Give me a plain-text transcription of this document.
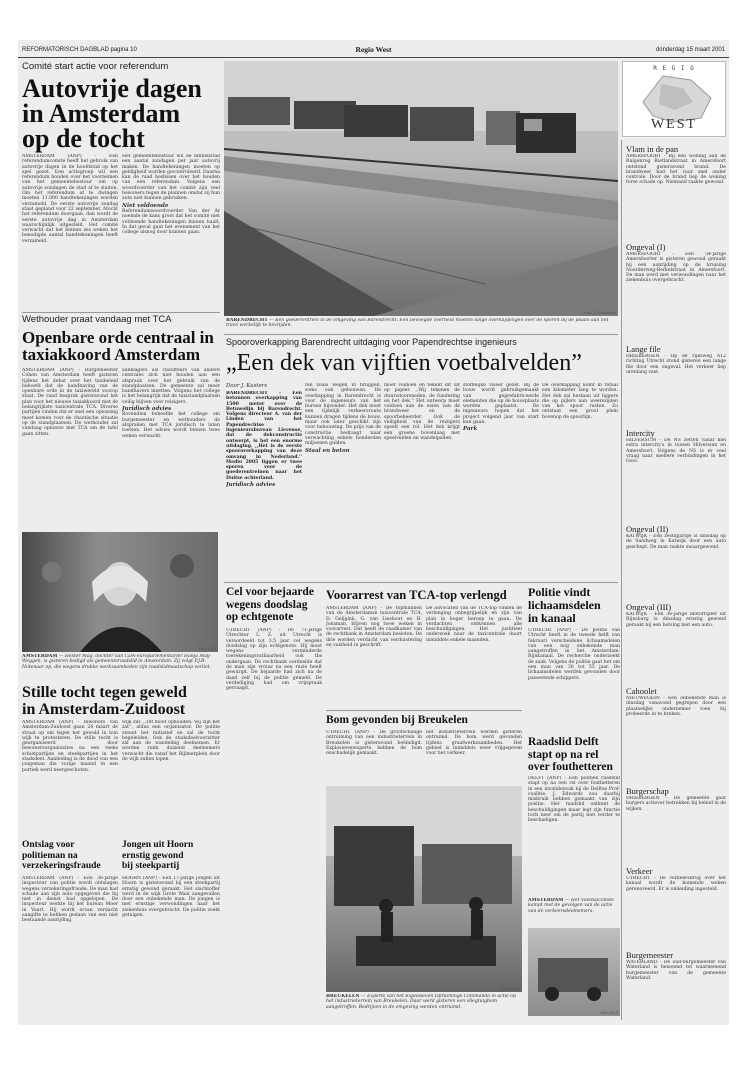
REFORMATORISCH DAGBLAD pagina 10	Regio West	donderdag 15 maart 2001
Comité start actie voor referendum
Autovrije dagen
in Amsterdam
op de tocht
AMSTERDAM (ANP) - Een referendumcomité heeft het gebruik van autovrije dagen in de hoofdstad op het spel gezet. Een actiegroep wil een referendum houden over het voornemen van het gemeentebestuur om op autovrije zondagen de stad af te sluiten. Om het referendum af te dwingen moeten 11.000 handtekeningen worden verzameld. De eerste autovrije zondag staat gepland voor 22 september. Mocht het referendum doorgaan, dan wordt de eerste autovrije dag in Amsterdam waarschijnlijk uitgesteld. Het comité verwacht dat het binnen zes weken het benodigde aantal handtekeningen heeft verzameld.
Het gemeentebestuur wil de binnenstad een aantal zondagen per jaar autovrij maken. De handtekeningen moeten op geldigheid worden gecontroleerd. Daarna kan de raad beslissen over het houden van een referendum. Volgens een woordvoerder van het comité zijn veel bewoners tegen de plannen omdat zij hun auto niet kunnen gebruiken.
Niet voldoende
Referendumwoordvoerder Van der Ar noemde de kans groot dat het comité niet voldoende handtekeningen binnen haalt. In dat geval gaat het evenement van het college alsnog door kunnen gaan.
Foto: J. Fokkeman
BARENDRECHT — Een goederentrein in de omgeving van Barendrecht. Een bevoegde overheid moeten lange overkappingen over de sporen bij de plaats aan het tracé werkelijk te bevrijden.
R E G I O
WEST
Wethouder praat vandaag met TCA
Openbare orde centraal in
taxiakkoord Amsterdam
AMSTERDAM (ANP) - Burgemeester Cohen van Amsterdam heeft gisteren tijdens het debat over het taxibeleid behoefd dat de handhaving van de openbare orde in de taxiwereld voorop staat. De raad besprak gisteravond het plan voor het nieuwe taxiakkoord met de belangrijkste taxicentrale TCA. Diverse partijen vinden dat er snel een oplossing moet komen voor de chaotische situatie op de standplaatsen. De wethouder zal vandaag opnieuw met TCA om de tafel gaan zitten.
aanklagers als chauffeurs van andere centrales zich niet houden aan een afspraak over het gebruik van de standplaatsen. De gemeente zal meer handhavers inzetten. Volgens het college is het belangrijk dat de taxistandplaatsen veilig blijven voor reizigers.
Juridisch advies
Bovendien behoefde het college om burgemeester en wethouders de afspraken met TCA juridisch te laten toetsen. Het advies wordt binnen twee weken verwacht.
Foto ANP
AMSTERDAM — Hester Maij, dochter van CDA-europarlementariër Hanja Maij-Weggen, is gisteren bedigd als gemeenteraadslid in Amsterdam. Zij volgt P.J.R. Notenaar op, die wegens drukke werkzaamheden zijn raadslidmaatschap verliet.
Stille tocht tegen geweld
in Amsterdam-Zuidoost
AMSTERDAM (ANP) - Inwoners van Amsterdam-Zuidoost gaan 24 maart de straat op om tegen het geweld in hun wijk te protesteren. De stille tocht is georganiseerd door bewonersorganisaties na een reeks schietpartijen en steekpartijen in het stadsdeel. Aanleiding is de dood van een jongeman die vorige maand in een portiek werd neergeschoten.
wijk zat. ,,Dit moet ophouden, wij zijn het zat'', aldus een organisator. De politie steunt het initiatief en zal de tocht begeleiden. Ook de stadsdeelvoorzitter zal aan de wandeling deelnemen. Er worden ruim duizend deelnemers verwacht die vanaf het Bijlmerplein door de wijk zullen lopen.
Ontslag voor
politieman na
verzekeringsfraude
AMSTERDAM (ANP) - Een 36-jarige inspecteur van politie wordt ontslagen wegens verzekeringsfraude. De man had schade aan zijn auto opgegeven die hij niet in dienst had opgelopen. De inspecteur werkte bij het bureau Moer in Vaart. Hij wordt ervan verdacht aangifte te hebben gedaan van een niet bestaande aanrijding.
Jongen uit Hoorn
ernstig gewond
bij steekpartij
HOORN (ANP) - Een 17-jarige jongen uit Hoorn is gisteravond bij een steekpartij ernstig gewond geraakt. Het slachtoffer werd in de wijk Grote Waal aangevallen door een onbekende man. De jongen is met ernstige verwondingen naar het ziekenhuis overgebracht. De politie zoekt getuigen.
Spooroverkapping Barendrecht uitdaging voor Papendrechtse ingenieurs
„Een dek van vijftien voetbalvelden”
Door J. Kusters
BARENDRECHT - Een betonnen overkapping van 1500 meter over de Betuwelijn bij Barendrecht. Volgens directeur A. van der Linden van het Papendrechtse ingenieursbureau Lievense, dat de dekconstructie ontwerpt, is het een enorme uitdaging. ,,Het is de eerste spooroverkapping van deze omvang in Nederland.'' Medio 2005 liggen er twee sporen voor de goederentreinen naar het Duitse achterland.
Juridisch advies
ten zoals wegen in bruggen, soms ook gebouwen. De overkapping in Barendrecht is voor de ingenieurs van het bureau bijzonder. Het dek moet een tijdelijk verkeersroute kunnen dragen tijdens de bouw, maar ook later geschikt zijn voor bebouwing. De prijs van de constructie bedraagt naar verwachting enkele honderden miljoenen gulden.
Staal en beton
moet voldoen en tekent dit uit op papier. ,,Wij tekenen de dwarsdoorsneden, de fundering en het dek.'' Het ontwerp moet voldoen aan de eisen van de brandweer en de spoorbeheerder. Ook de veiligheid van de reizigers speelt een rol. Het dek krijgt een groene bovenlaag met speelvelden en wandelpaden.
stoffelijke visser gezet. Bij de bouw wordt gebruikgemaakt van geprefabriceerde elementen die op de bouwplaats worden geplaatst. De ingenieurs hopen dat het project volgend jaar van start kan gaan.
Park
De overkapping komt in totaal een kilometer lang te worden. Het dek zal bestaan uit liggers die op pijlers aan weerszijden van het spoor rusten. Zo ontstaat een groot plein bovenop de spoorlijn.
Cel voor bejaarde
wegens doodslag
op echtgenote
UTRECHT (ANP) - De 71-jarige Utrechter L. Z. uit Utrecht is veroordeeld tot 3,5 jaar cel wegens doodslag op zijn echtgenote. Hij moet wegens verminderde toerekeningsvatbaarheid ook tbs ondergaan. De rechtbank oordeelde dat de man zijn vrouw na een ruzie heeft gewurgd. De bejaarde had zich na de daad zelf bij de politie gemeld. De verdediging had om vrijspraak gevraagd.
Voorarrest van TCA-top verlengd
AMSTERDAM (ANP) - De topmannen van de Amsterdamse taxicentrale TCA, D. Geljgink, G. van Lieshout en H. Jonsman, blijven nog twee weken in voorarrest. Dat heeft de raadkamer van de rechtbank in Amsterdam besloten. De drie worden verdacht van verduistering en valsheid in geschrift.
De advocaten van de TCA-top vinden de verlenging onbegrijpelijk en zijn van plan in hoger beroep te gaan. De verdachten ontkennen alle beschuldigingen. Het justitieel onderzoek naar de taxicentrale duurt inmiddels enkele maanden.
Bom gevonden bij Breukelen
UTRECHT (ANP) - De grootschalige ontruiming van een industrieterrein in Breukelen is gisteravond beëindigd. Explosievenexperts hebben de bom onschadelijk gemaakt.
het industrieterrein werden gisteren ontruimd. De bom werd gevonden tijdens graafwerkzaamheden. Het gebied is inmiddels weer vrijgegeven voor het verkeer.
Foto: ANP
BREUKELEN — Experts van het Explosieven Opruimings Commando in actie op het industrieterrein van Breukelen. Daar werd gisteren een vliegtuigbom aangetroffen. Bedrijven in de omgeving werden ontruimd.
Politie vindt
lichaamsdelen
in kanaal
UTRECHT (ANP) - De politie van Utrecht heeft in de tweede helft van februari verscheidene lichaamsdelen van een nog onbekende man aangetroffen in het Amsterdam-Rijnkanaal. De recherche onderzoekt de zaak. Volgens de politie gaat het om een man van 30 tot 55 jaar. De lichaamsdelen werden gevonden door passerende schippers.
Raadslid Delft
stapt op na rel
over fouthetteren
DELFT (ANP) - Een politiek raadslid stapt op na een rel over fouthetteren in een invalidenvak bij de Delftse Prof-coalitie. J. Edwards zou daarbij misbruik hebben gemaakt van zijn positie. Het raadslid ontkent de beschuldigingen maar legt zijn functie toch neer om de partij niet verder te beschadigen.
AMSTERDAM — Het Voetbalcomité kampt met de gevolgen van de actie van de verkeersdeelnemers.
Foto ANP
Vlam in de pan
AMERSFOORT - Bij een woning aan de Ruigenrog Rietlandstraat in Amersfoort ontstond gisteravond brand. De brandweer had het vuur snel onder controle. Door de brand liep de woning forse schade op. Niemand raakte gewond.
Ongeval (I)
AMERSFOORT - Een 54-jarige Amersfoorter is gisteren gewond geraakt bij een aanrijding op de kruising Noorderweg-Berkelstraat in Amersfoort. De man werd met verwondingen naar het ziekenhuis overgebracht.
Lange file
DRIEBERGEN - Op de rijksweg A12 richting Utrecht stond gisteren een lange file door een ongeval. Het verkeer liep urenlang vast.
Intercity
HILVERSUM - De NS zetten vanaf mei extra intercity's in tussen Hilversum en Amersfoort. Volgens de NS is er veel vraag naar snellere verbindingen in het Gooi.
Ongeval (II)
KATWIJK - Een zestigjarige is dinsdag op de Sandweg in Katwijk door een auto geschept. De man raakte zwaargewond.
Ongeval (III)
KATWIJK - Een 36-jarige motorrijder uit Rijnsburg is dinsdag ernstig gewond geraakt bij een botsing met een auto.
Cahoolet
NIEUWEGEIN - Een onbekende man is dinsdag vanavond gegrepen door een plaatselijke ondernemer toen hij probeerde in te breken.
Burgerschap
DRIEBERGEN - De gemeente gaat burgers actiever betrekken bij beleid in de wijken.
Verkeer
UTRECHT - De verkeersbrug over het kanaal wordt de komende weken gerenoveerd. Er is omleiding ingesteld.
Burgemeester
WATERLAND - De oud-burgemeester van Waterland is benoemd tot waarnemend burgemeester van de gemeente Waterland.
